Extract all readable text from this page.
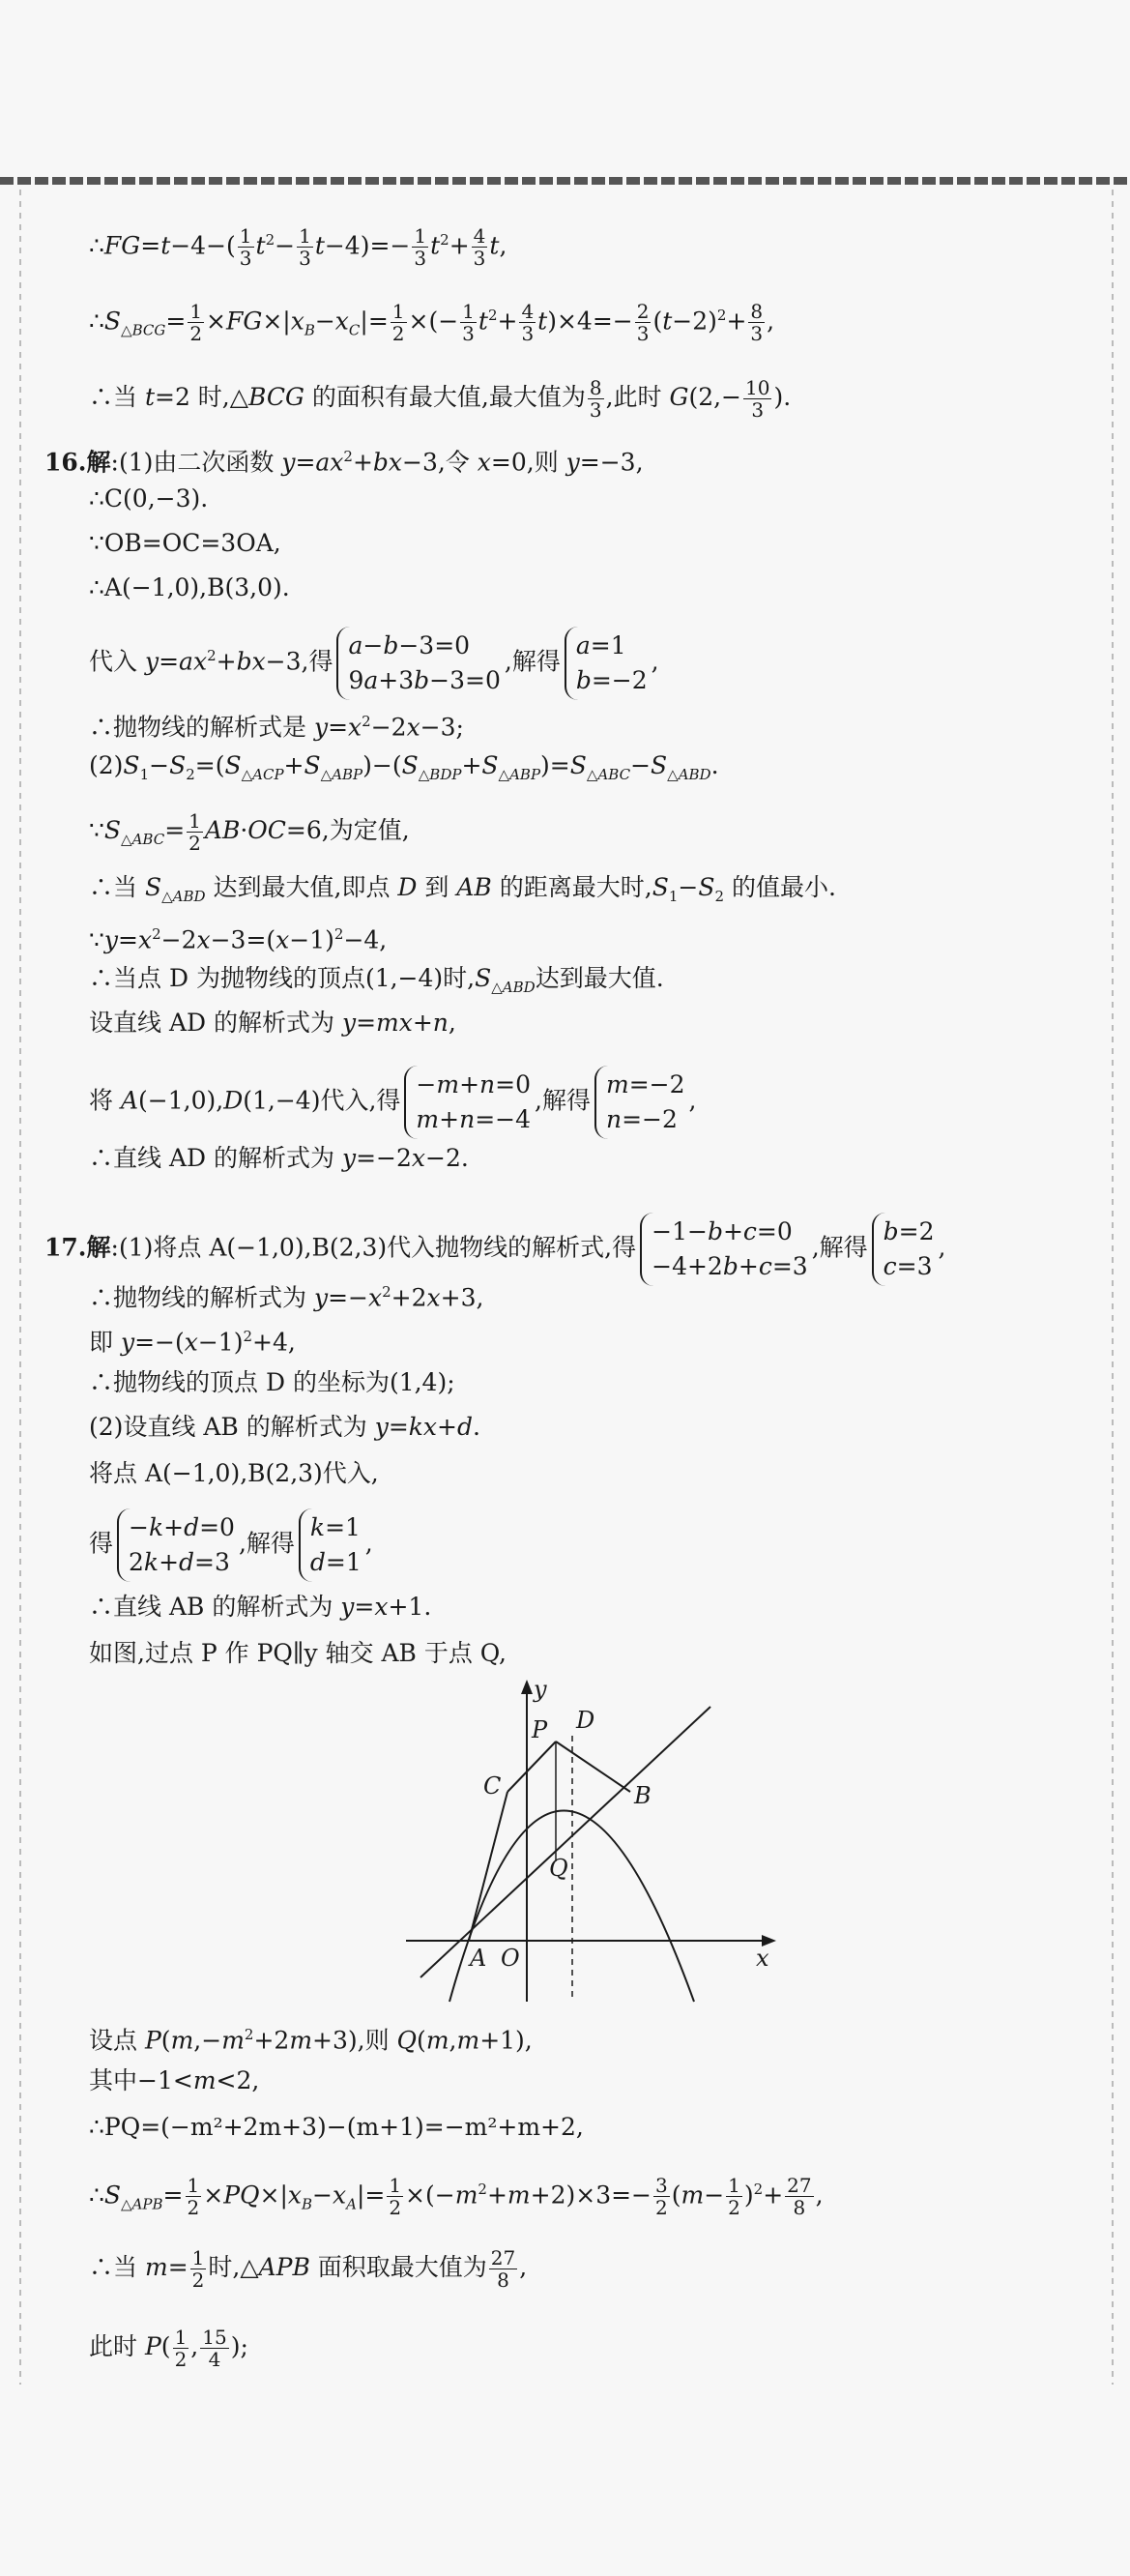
∴FG=t−4−( $\frac{1}{3} t^2- \frac{1}{3} t-4)=- \frac{1}{3} t^2+ \frac{4}{3} t$,
$\therefore S_{\triangle BCG}= \frac{1}{2} \times FG\times|x_B-x_C|= \frac{1}{2}$ ×(− $\frac{1}{3} t^2+ \frac{4}{3} t)\times 4=- \frac{2}{3} (t-2)^2+ \frac{8}{3}$ ,
∴当 t=2 时,△BCG 的面积有最大值,最大值为 $\frac{8}{3}$ ,此时 $G(2,- \frac{10}{3}$ ).
16.解:(1)由二次函数 $y=ax^2+bx-3$,令 x=0,则 y=−3,
∴C(0,−3).
∵OB=OC=3OA,
∴A(−1,0),B(3,0).
代入 $y=ax^2+bx-3$,得
a−b−3=0
9a+3b−3=0
,解得
a=1
b=−2
,
∴抛物线的解析式是 $y=x^2-2x-3$;
$(2)S_1-S_2=(S_{\triangle ACP}+S_{\triangle ABP})-(S_{\triangle BDP}+S_{\triangle ABP})=S_{\triangle ABC}-S_{\triangle ABD}$.
$\because S_{\triangle ABC}= \frac{1}{2} AB\cdot OC=6$,为定值,
∴当 $S_{\triangle ABD}$ 达到最大值,即点 D 到 AB 的距离最大时$,S_1-S_2$ 的值最小.
$\because y=x^2-2x-3=(x-1)^2-4$,
∴当点 D 为抛物线的顶点(1,−4)时$,S_{\triangle ABD}$达到最大值.
设直线 AD 的解析式为 y=mx+n,
将 A(−1,0),D(1,−4)代入,得
−m+n=0
m+n=−4
,解得
m=−2
n=−2
,
∴直线 AD 的解析式为 y=−2x−2.
17.解:(1)将点 A(−1,0),B(2,3)代入抛物线的解析式,得
−1−b+c=0
−4+2b+c=3
,解得
b=2
c=3
,
∴抛物线的解析式为 $y=-x^2+2x+3$,
即 $y=-(x-1)^2+4$,
∴抛物线的顶点 D 的坐标为(1,4);
(2)设直线 AB 的解析式为 y=kx+d.
将点 A(−1,0),B(2,3)代入,
得
−k+d=0
2k+d=3
,解得
k=1
d=1
,
∴直线 AB 的解析式为 y=x+1.
如图,过点 P 作 PQ∥y 轴交 AB 于点 Q,
y
x
P D
C	B
Q
A O
设点 $P(m,-m^2+2m+3)$,则 Q(m,m+1),
其中−1<m<2,
∴PQ=(−m²+2m+3)−(m+1)=−m²+m+2,
$\therefore S_{\triangle APB}= \frac{1}{2} \times PQ\times|x_B-x_A|= \frac{1}{2} \times(-m^2+m+2)\times 3=- \frac{3}{2} (m- \frac{1}{2} )^2+ \frac{27}{8}$ ,
∴当 $m= \frac{1}{2}$ 时,△APB 面积取最大值为 $\frac{27}{8}$ ,
此时 $P( \frac{1}{2}$ , $\frac{15}{4}$ );
